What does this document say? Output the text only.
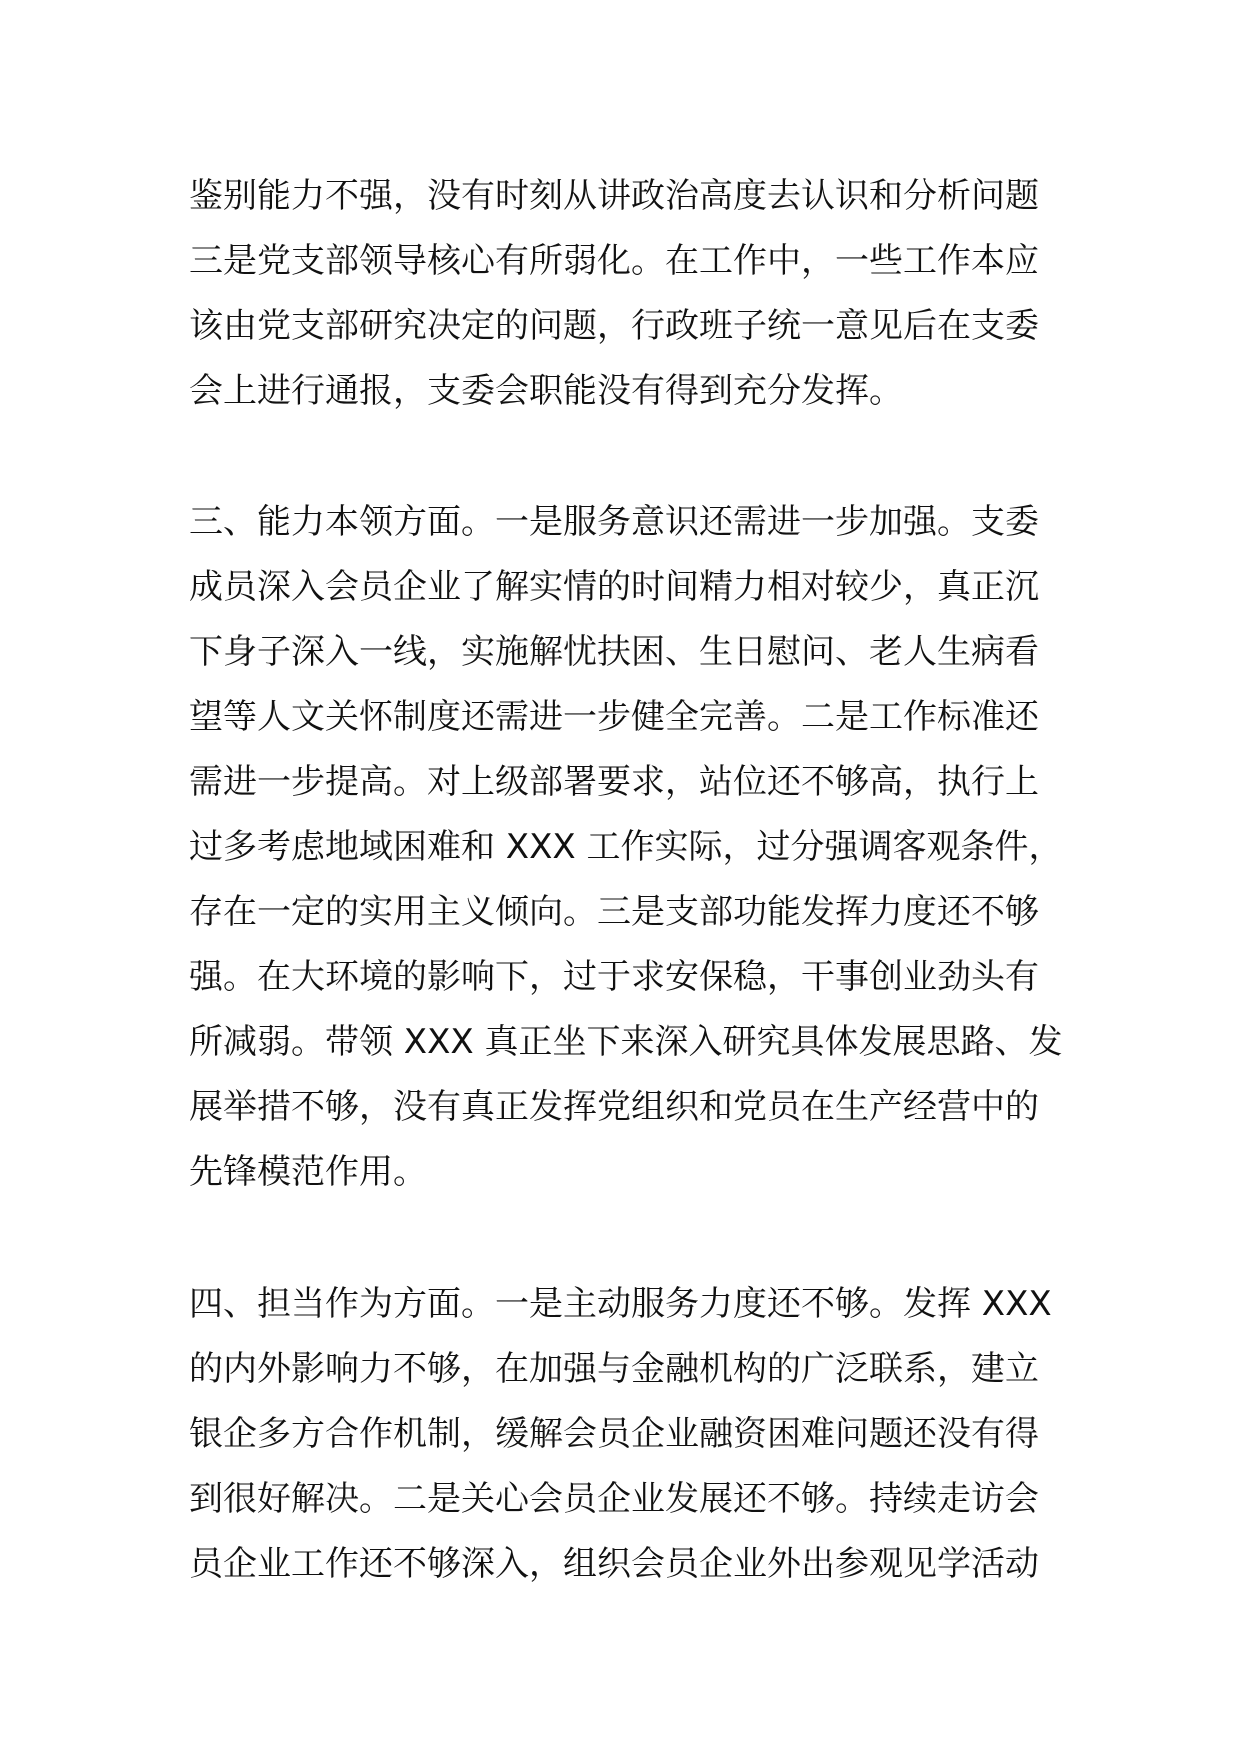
鉴别能力不强，没有时刻从讲政治高度去认识和分析问题
三是党支部领导核心有所弱化。在工作中，一些工作本应
该由党支部研究决定的问题，行政班子统一意见后在支委
会上进行通报，支委会职能没有得到充分发挥。
三、能力本领方面。一是服务意识还需进一步加强。支委
成员深入会员企业了解实情的时间精力相对较少，真正沉
下身子深入一线，实施解忧扶困、生日慰问、老人生病看
望等人文关怀制度还需进一步健全完善。二是工作标准还
需进一步提高。对上级部署要求，站位还不够高，执行上
过多考虑地域困难和 XXX 工作实际，过分强调客观条件，
存在一定的实用主义倾向。三是支部功能发挥力度还不够
强。在大环境的影响下，过于求安保稳，干事创业劲头有
所减弱。带领 XXX 真正坐下来深入研究具体发展思路、发
展举措不够，没有真正发挥党组织和党员在生产经营中的
先锋模范作用。
四、担当作为方面。一是主动服务力度还不够。发挥 XXX
的内外影响力不够，在加强与金融机构的广泛联系，建立
银企多方合作机制，缓解会员企业融资困难问题还没有得
到很好解决。二是关心会员企业发展还不够。持续走访会
员企业工作还不够深入，组织会员企业外出参观见学活动
